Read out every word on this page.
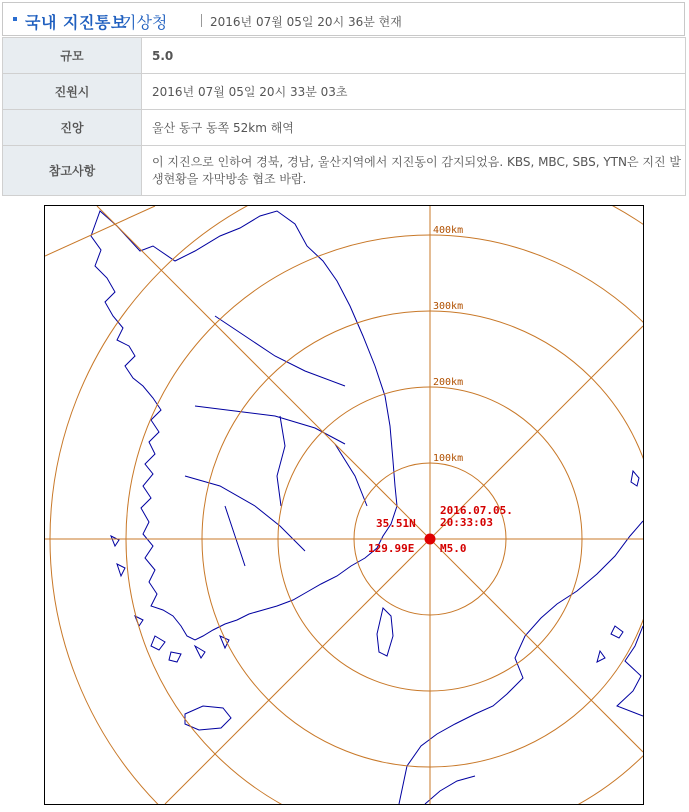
국내 지진통보
기상청	2016년 07월 05일 20시 36분 현재
규모	5.0
진원시	2016년 07월 05일 20시 33분 03초
진앙	울산 동구 동쪽 52km 해역
참고사항	이 지진으로 인하여 경북, 경남, 울산지역에서 지진동이 감지되었음. KBS, MBC, SBS, YTN은 지진 발생현황을 자막방송 협조 바람.
100km
200km
300km
400km
35.51N
129.99E
2016.07.05.
20:33:03
M5.0
